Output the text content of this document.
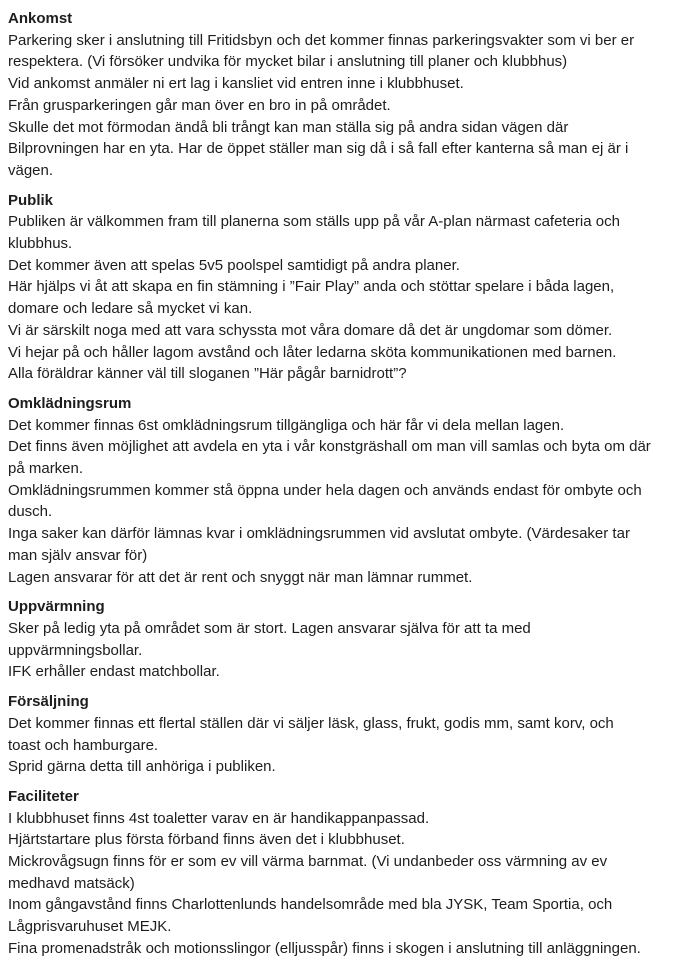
Ankomst
Parkering sker i anslutning till Fritidsbyn och det kommer finnas parkeringsvakter som vi ber er
respektera. (Vi försöker undvika för mycket bilar i anslutning till planer och klubbhus)
Vid ankomst anmäler ni ert lag i kansliet vid entren inne i klubbhuset.
Från grusparkeringen går man över en bro in på området.
Skulle det mot förmodan ändå bli trångt kan man ställa sig på andra sidan vägen där
Bilprovningen har en yta. Har de öppet ställer man sig då i så fall efter kanterna så man ej är i
vägen.
Publik
Publiken är välkommen fram till planerna som ställs upp på vår A-plan närmast cafeteria och
klubbhus.
Det kommer även att spelas 5v5 poolspel samtidigt på andra planer.
Här hjälps vi åt att skapa en fin stämning i ”Fair Play” anda och stöttar spelare i båda lagen,
domare och ledare så mycket vi kan.
Vi är särskilt noga med att vara schyssta mot våra domare då det är ungdomar som dömer.
Vi hejar på och håller lagom avstånd och låter ledarna sköta kommunikationen med barnen.
Alla föräldrar känner väl till sloganen ”Här pågår barnidrott”?
Omklädningsrum
Det kommer finnas 6st omklädningsrum tillgängliga och här får vi dela mellan lagen.
Det finns även möjlighet att avdela en yta i vår konstgräshall om man vill samlas och byta om där
på marken.
Omklädningsrummen kommer stå öppna under hela dagen och används endast för ombyte och
dusch.
Inga saker kan därför lämnas kvar i omklädningsrummen vid avslutat ombyte. (Värdesaker tar
man själv ansvar för)
Lagen ansvarar för att det är rent och snyggt när man lämnar rummet.
Uppvärmning
Sker på ledig yta på området som är stort. Lagen ansvarar själva för att ta med
uppvärmningsbollar.
IFK erhåller endast matchbollar.
Försäljning
Det kommer finnas ett flertal ställen där vi säljer läsk, glass, frukt, godis mm, samt korv, och
toast och hamburgare.
Sprid gärna detta till anhöriga i publiken.
Faciliteter
I klubbhuset finns 4st toaletter varav en är handikappanpassad.
Hjärtstartare plus första förband finns även det i klubbhuset.
Mickrovågsugn finns för er som ev vill värma barnmat. (Vi undanbeder oss värmning av ev
medhavd matsäck)
Inom gångavstånd finns Charlottenlunds handelsområde med bla JYSK, Team Sportia, och
Lågprisvaruhuset MEJK.
Fina promenadstråk och motionsslingor (elljusspår) finns i skogen i anslutning till anläggningen.
